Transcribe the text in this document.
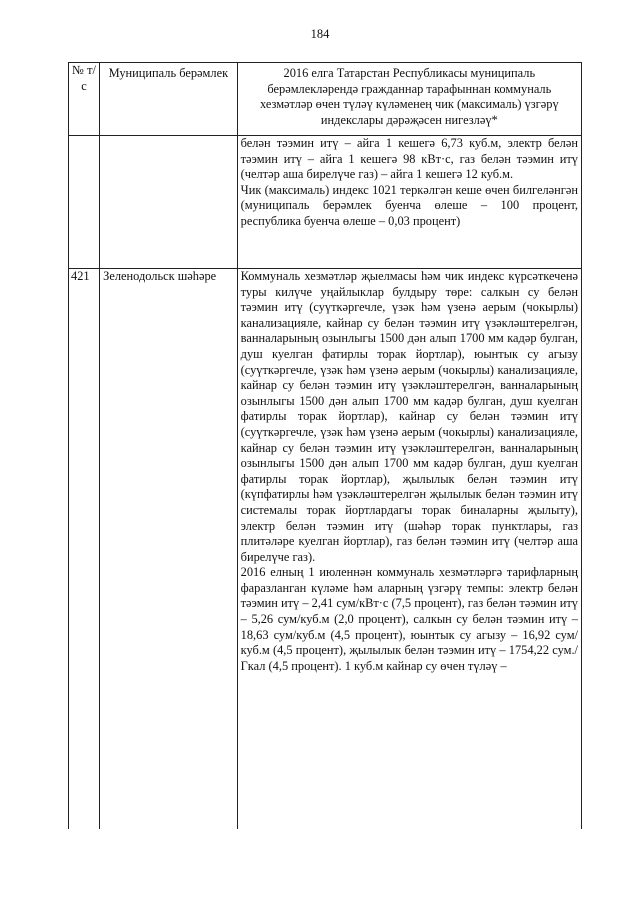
184

№ т/с	Муниципаль берәмлек	2016 елга Татарстан Республикасы муниципаль берәмлекләрендә гражданнар тарафыннан коммуналь хезмәтләр өчен түләү күләменең чик (максималь) үзгәрү индекслары дәрәҗәсен нигезләү*

		белән тәэмин итү – айга 1 кешегә 6,73 куб.м, электр белән тәэмин итү – айга 1 кешегә 98 кВт·с, газ белән тәэмин итү (челтәр аша бирелүче газ) – айга 1 кешегә 12 куб.м.

Чик (максималь) индекс 1021 теркәлгән кеше өчен билгеләнгән (муниципаль берәмлек буенча өлеше – 100 процент, республика буенча өлеше – 0,03 процент)

421	Зеленодольск шәһәре	Коммуналь хезмәтләр җыелмасы һәм чик индекс күрсәткеченә туры килүче уңайлыклар булдыру төре: салкын су белән тәэмин итү (суүткәргечле, үзәк һәм үзенә аерым (чокырлы) канализацияле, кайнар су белән тәэмин итү үзәкләштерелгән, ванналарының озынлыгы 1500 дән алып 1700 мм кадәр булган, душ куелган фатирлы торак йортлар), юынтык су агызу (суүткәргечле, үзәк һәм үзенә аерым (чокырлы) канализацияле, кайнар су белән тәэмин итү үзәкләштерелгән, ванналарының озынлыгы 1500 дән алып 1700 мм кадәр булган, душ куелган фатирлы торак йортлар), кайнар су белән тәэмин итү (суүткәргечле, үзәк һәм үзенә аерым (чокырлы) канализацияле, кайнар су белән тәэмин итү үзәкләштерелгән, ванналарының озынлыгы 1500 дән алып 1700 мм кадәр булган, душ куелган фатирлы торак йортлар), җылылык белән тәэмин итү (күпфатирлы һәм үзәкләштерелгән җылылык белән тәэмин итү системалы торак йортлардагы торак биналарны җылыту), электр белән тәэмин итү (шәһәр торак пунктлары, газ плитәләре куелган йортлар), газ белән тәэмин итү (челтәр аша бирелүче газ).

2016 елның 1 июленнән коммуналь хезмәтләргә тарифларның фаразланган күләме һәм аларның үзгәрү темпы: электр белән тәэмин итү – 2,41 сум/кВт·с (7,5 процент), газ белән тәэмин итү – 5,26 сум/куб.м (2,0 процент), салкын су белән тәэмин итү – 18,63 сум/куб.м (4,5 процент), юынтык су агызу – 16,92 сум/куб.м (4,5 процент), җылылык белән тәэмин итү – 1754,22 сум./Гкал (4,5 процент). 1 куб.м кайнар су өчен түләү –
